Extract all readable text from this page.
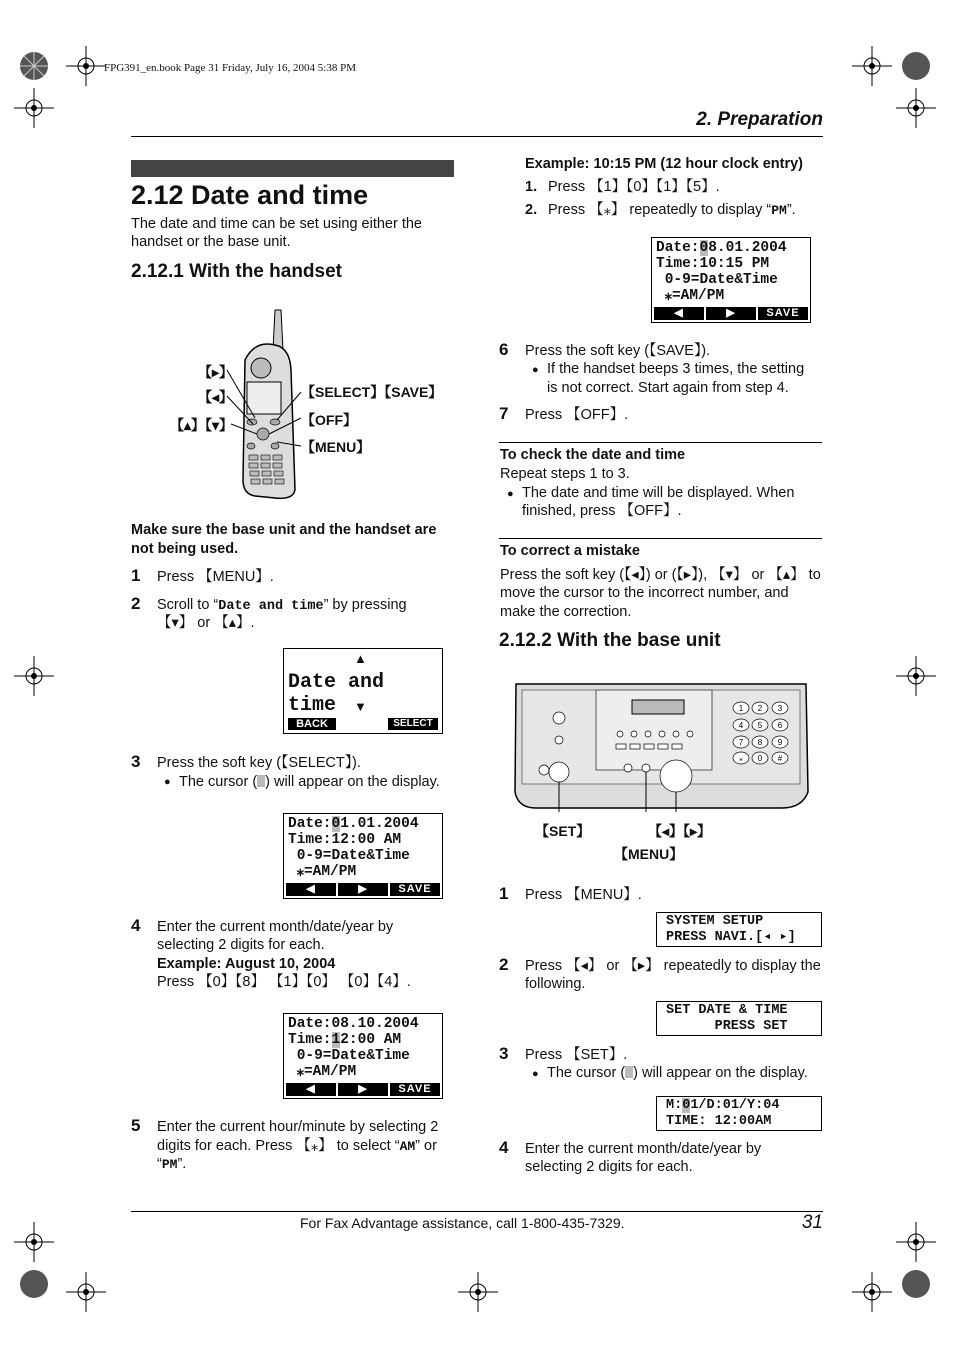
FPG391_en.book Page 31 Friday, July 16, 2004 5:38 PM
2. Preparation
2.12 Date and time
The date and time can be set using either the
handset or the base unit.
2.12.1 With the handset
【▸】
【◂】
【▴】【▾】
【SELECT】【SAVE】
【OFF】
【MENU】
Make sure the base unit and the handset are
not being used.
1 Press 【MENU】.
2 Scroll to “Date and time” by pressing
【▾】 or 【▴】.
▲
Date and time	▼
BACK	SELECT
3 Press the soft key (【SELECT】).
● The cursor ( ) will appear on the display.
Date:01.01.2004
Time:12:00 AM
0-9=Date&Time
⁎=AM/PM
◀	▶	SAVE
4 Enter the current month/date/year by
selecting 2 digits for each.
Example: August 10, 2004
Press 【0】【8】 【1】【0】 【0】【4】.
Date:08.10.2004
Time:12:00 AM
0-9=Date&Time
⁎=AM/PM
◀	▶	SAVE
5 Enter the current hour/minute by selecting 2
digits for each. Press 【⁎】 to select “AM” or
“PM”.
Example: 10:15 PM (12 hour clock entry)
1. Press 【1】【0】【1】【5】.
2. Press 【⁎】 repeatedly to display “PM”.
Date:08.01.2004
Time:10:15 PM
0-9=Date&Time
⁎=AM/PM
◀	▶	SAVE
6 Press the soft key (【SAVE】).
● If the handset beeps 3 times, the setting
is not correct. Start again from step 4.
7 Press 【OFF】.
To check the date and time
Repeat steps 1 to 3.
● The date and time will be displayed. When
finished, press 【OFF】.
To correct a mistake
Press the soft key (【◂】) or (【▸】), 【▾】 or 【▴】 to
move the cursor to the incorrect number, and
make the correction.
2.12.2 With the base unit
1 2 3
4 5 6
7 8 9
⁎ 0 #
【SET】	【◂】【▸】
【MENU】
1 Press 【MENU】.
SYSTEM SETUP
PRESS NAVI.[◂ ▸]
2 Press 【◂】 or 【▸】 repeatedly to display the
following.
SET DATE & TIME
PRESS SET
3 Press 【SET】.
● The cursor ( ) will appear on the display.
M:01/D:01/Y:04
TIME: 12:00AM
4 Enter the current month/date/year by
selecting 2 digits for each.
For Fax Advantage assistance, call 1-800-435-7329.	31
